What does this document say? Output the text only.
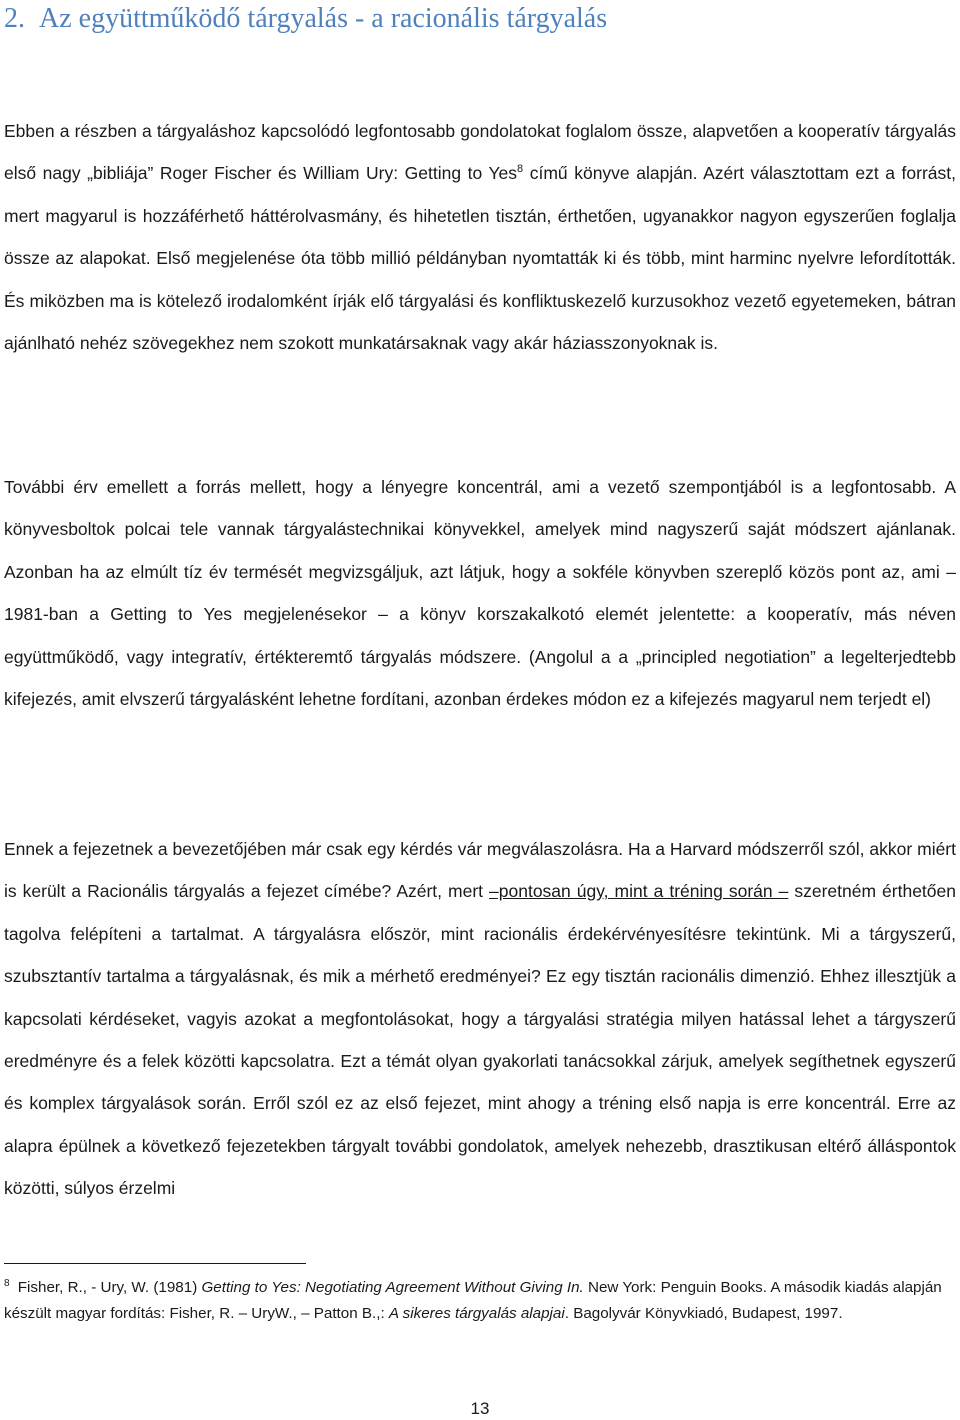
2. Az együttműködő tárgyalás - a racionális tárgyalás

Ebben a részben a tárgyaláshoz kapcsolódó legfontosabb gondolatokat foglalom össze, alapvetően a kooperatív tárgyalás első nagy „bibliája” Roger Fischer és William Ury: Getting to Yes$^8$ című könyve alapján. Azért választottam ezt a forrást, mert magyarul is hozzáférhető háttérolvasmány, és hihetetlen tisztán, érthetően, ugyanakkor nagyon egyszerűen foglalja össze az alapokat. Első megjelenése óta több millió példányban nyomtatták ki és több, mint harminc nyelvre lefordították. És miközben ma is kötelező irodalomként írják elő tárgyalási és konfliktuskezelő kurzusokhoz vezető egyetemeken, bátran ajánlható nehéz szövegekhez nem szokott munkatársaknak vagy akár háziasszonyoknak is.

További érv emellett a forrás mellett, hogy a lényegre koncentrál, ami a vezető szempontjából is a legfontosabb. A könyvesboltok polcai tele vannak tárgyalástechnikai könyvekkel, amelyek mind nagyszerű saját módszert ajánlanak. Azonban ha az elmúlt tíz év termését megvizsgáljuk, azt látjuk, hogy a sokféle könyvben szereplő közös pont az, ami – 1981-ban a Getting to Yes megjelenésekor – a könyv korszakalkotó elemét jelentette: a kooperatív, más néven együttműködő, vagy integratív, értékteremtő tárgyalás módszere. (Angolul a a „principled negotiation” a legelterjedtebb kifejezés, amit elvszerű tárgyalásként lehetne fordítani, azonban érdekes módon ez a kifejezés magyarul nem terjedt el)

Ennek a fejezetnek a bevezetőjében már csak egy kérdés vár megválaszolásra. Ha a Harvard módszerről szól, akkor miért is került a Racionális tárgyalás a fejezet címébe? Azért, mert –pontosan úgy, mint a tréning során – szeretném érthetően tagolva felépíteni a tartalmat. A tárgyalásra először, mint racionális érdekérvényesítésre tekintünk. Mi a tárgyszerű, szubsztantív tartalma a tárgyalásnak, és mik a mérhető eredményei? Ez egy tisztán racionális dimenzió. Ehhez illesztjük a kapcsolati kérdéseket, vagyis azokat a megfontolásokat, hogy a tárgyalási stratégia milyen hatással lehet a tárgyszerű eredményre és a felek közötti kapcsolatra. Ezt a témát olyan gyakorlati tanácsokkal zárjuk, amelyek segíthetnek egyszerű és komplex tárgyalások során. Erről szól ez az első fejezet, mint ahogy a tréning első napja is erre koncentrál. Erre az alapra épülnek a következő fejezetekben tárgyalt további gondolatok, amelyek nehezebb, drasztikusan eltérő álláspontok közötti, súlyos érzelmi

$^8$ Fisher, R., - Ury, W. (1981) Getting to Yes: Negotiating Agreement Without Giving In. New York: Penguin Books. A második kiadás alapján készült magyar fordítás: Fisher, R. – UryW., – Patton B.,: A sikeres tárgyalás alapjai. Bagolyvár Könyvkiadó, Budapest, 1997.

13
